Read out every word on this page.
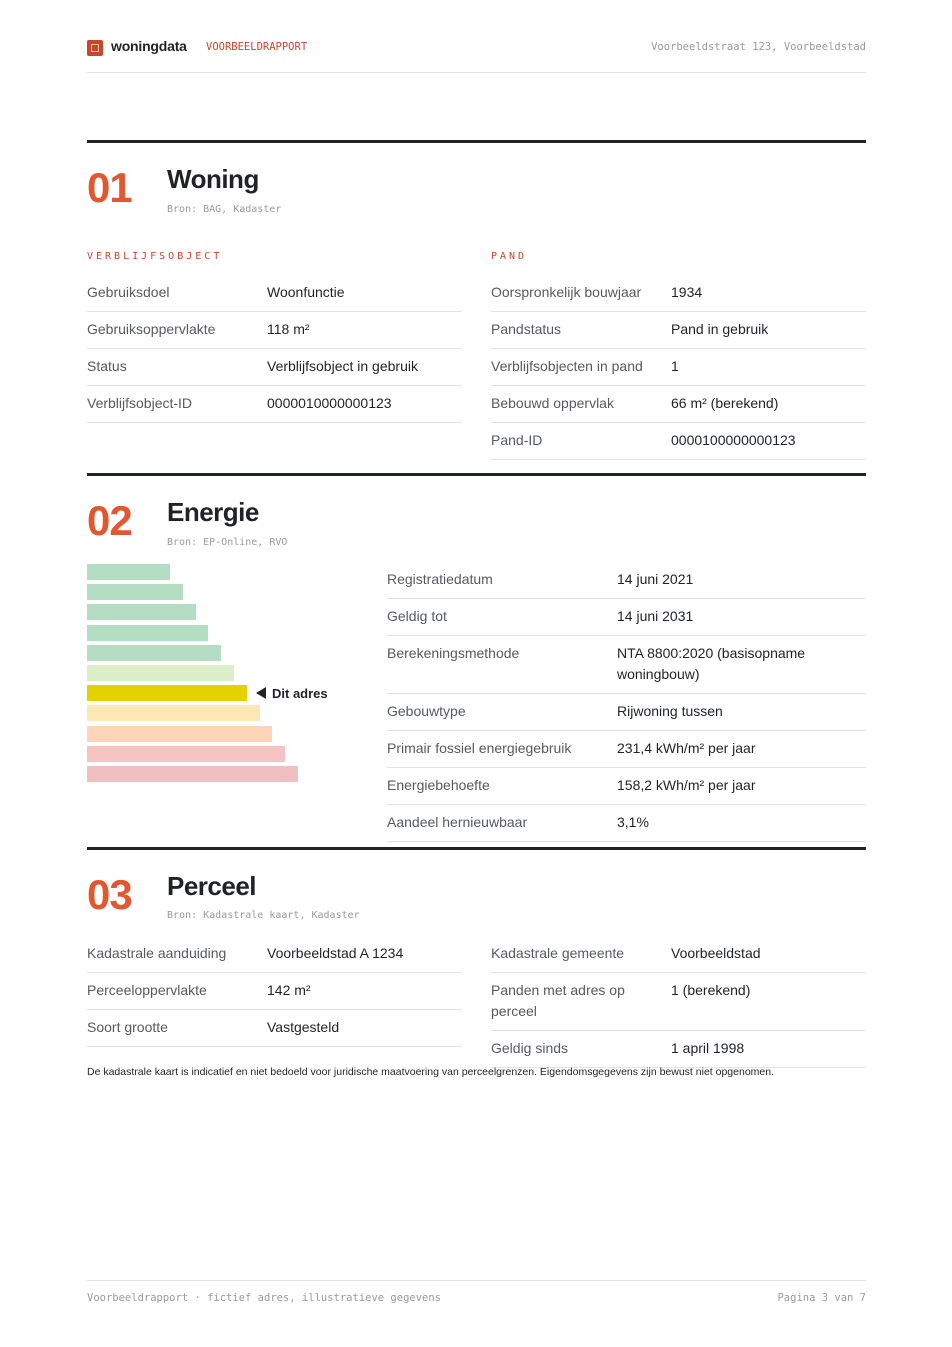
woningdata VOORBEELDRAPPORT	Voorbeeldstraat 123, Voorbeeldstad
01 Woning
Bron: BAG, Kadaster
VERBLIJFSOBJECT	PAND
Gebruiksdoel	Woonfunctie
Gebruiksoppervlakte	118 m²
Status	Verblijfsobject in gebruik
Verblijfsobject-ID	0000010000000123
Oorspronkelijk bouwjaar	1934
Pandstatus	Pand in gebruik
Verblijfsobjecten in pand	1
Bebouwd oppervlak	66 m² (berekend)
Pand-ID	0000100000000123
02 Energie
Bron: EP-Online, RVO
Dit adres
Registratiedatum	14 juni 2021
Geldig tot	14 juni 2031
Berekeningsmethode	NTA 8800:2020 (basisopname woningbouw)
Gebouwtype	Rijwoning tussen
Primair fossiel energiegebruik	231,4 kWh/m² per jaar
Energiebehoefte	158,2 kWh/m² per jaar
Aandeel hernieuwbaar	3,1%
03 Perceel
Bron: Kadastrale kaart, Kadaster
Kadastrale aanduiding	Voorbeeldstad A 1234
Perceeloppervlakte	142 m²
Soort grootte	Vastgesteld
Kadastrale gemeente	Voorbeeldstad
Panden met adres op perceel	1 (berekend)
Geldig sinds	1 april 1998
De kadastrale kaart is indicatief en niet bedoeld voor juridische maatvoering van perceelgrenzen. Eigendomsgegevens zijn bewust niet opgenomen.
Voorbeeldrapport · fictief adres, illustratieve gegevens	Pagina 3 van 7
